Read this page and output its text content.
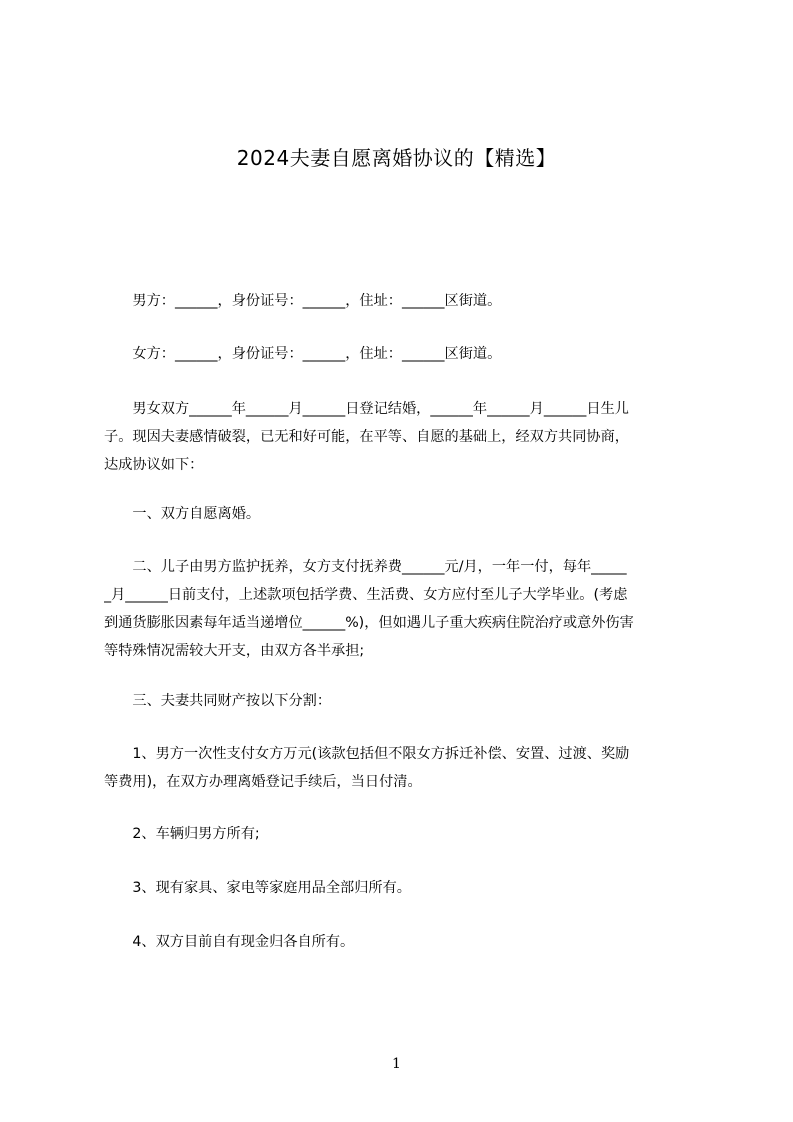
2024夫妻自愿离婚协议的【精选】
　　男方：______，身份证号：______，住址：______区街道。
　　女方：______，身份证号：______，住址：______区街道。
　　男女双方______年______月______日登记结婚，______年______月______日生儿
子。现因夫妻感情破裂，已无和好可能，在平等、自愿的基础上，经双方共同协商，
达成协议如下：
　　一、双方自愿离婚。
　　二、儿子由男方监护抚养，女方支付抚养费______元/月，一年一付，每年_____
_月______日前支付，上述款项包括学费、生活费、女方应付至儿子大学毕业。(考虑
到通货膨胀因素每年适当递增位______%)，但如遇儿子重大疾病住院治疗或意外伤害
等特殊情况需较大开支，由双方各半承担;
　　三、夫妻共同财产按以下分割：
　　1、男方一次性支付女方万元(该款包括但不限女方拆迁补偿、安置、过渡、奖励
等费用)，在双方办理离婚登记手续后，当日付清。
　　2、车辆归男方所有;
　　3、现有家具、家电等家庭用品全部归所有。
　　4、双方目前自有现金归各自所有。
1
